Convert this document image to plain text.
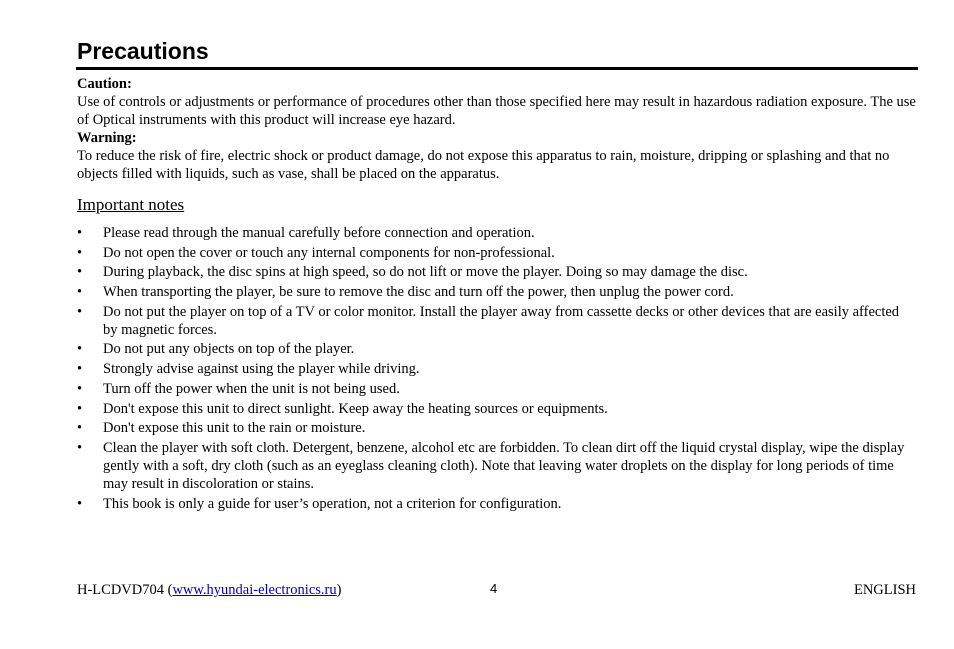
Precautions
Caution:

Use of controls or adjustments or performance of procedures other than those specified here may result in hazardous radiation exposure. The use of Optical instruments with this product will increase eye hazard.

Warning:

To reduce the risk of fire, electric shock or product damage, do not expose this apparatus to rain, moisture, dripping or splashing and that no objects filled with liquids, such as vase, shall be placed on the apparatus.

Important notes
• Please read through the manual carefully before connection and operation.
• Do not open the cover or touch any internal components for non-professional.
• During playback, the disc spins at high speed, so do not lift or move the player. Doing so may damage the disc.
• When transporting the player, be sure to remove the disc and turn off the power, then unplug the power cord.
• Do not put the player on top of a TV or color monitor. Install the player away from cassette decks or other devices that are easily affected by magnetic forces.
• Do not put any objects on top of the player.
• Strongly advise against using the player while driving.
• Turn off the power when the unit is not being used.
• Don't expose this unit to direct sunlight. Keep away the heating sources or equipments.
• Don't expose this unit to the rain or moisture.
• Clean the player with soft cloth. Detergent, benzene, alcohol etc are forbidden. To clean dirt off the liquid crystal display, wipe the display gently with a soft, dry cloth (such as an eyeglass cleaning cloth). Note that leaving water droplets on the display for long periods of time may result in discoloration or stains.
• This book is only a guide for user’s operation, not a criterion for configuration.
H-LCDVD704 (www.hyundai-electronics.ru)	4	ENGLISH
